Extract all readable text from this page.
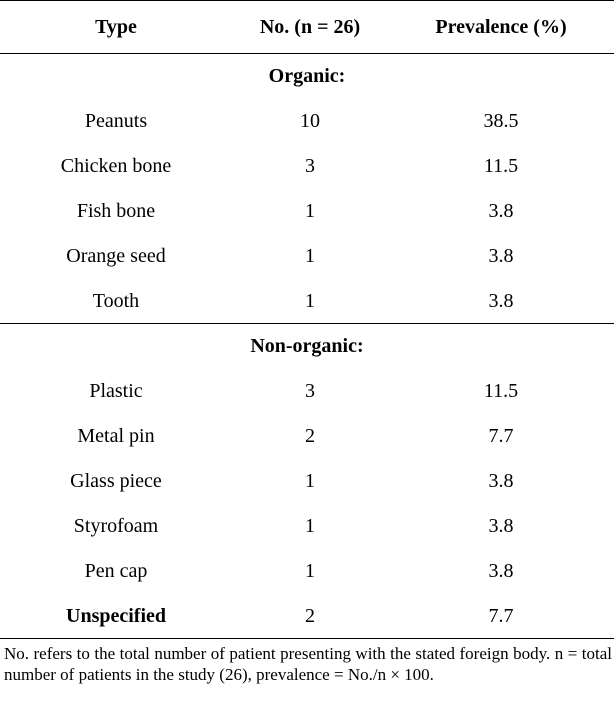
Type	No. (n = 26)	Prevalence (%)
Organic:		
Peanuts	10	38.5
Chicken bone	3	11.5
Fish bone	1	3.8
Orange seed	1	3.8
Tooth	1	3.8
Non-organic:		
Plastic	3	11.5
Metal pin	2	7.7
Glass piece	1	3.8
Styrofoam	1	3.8
Pen cap	1	3.8
Unspecified	2	7.7
No. refers to the total number of patient presenting with the stated foreign body. n = total number of patients in the study (26), prevalence = No./n × 100.
